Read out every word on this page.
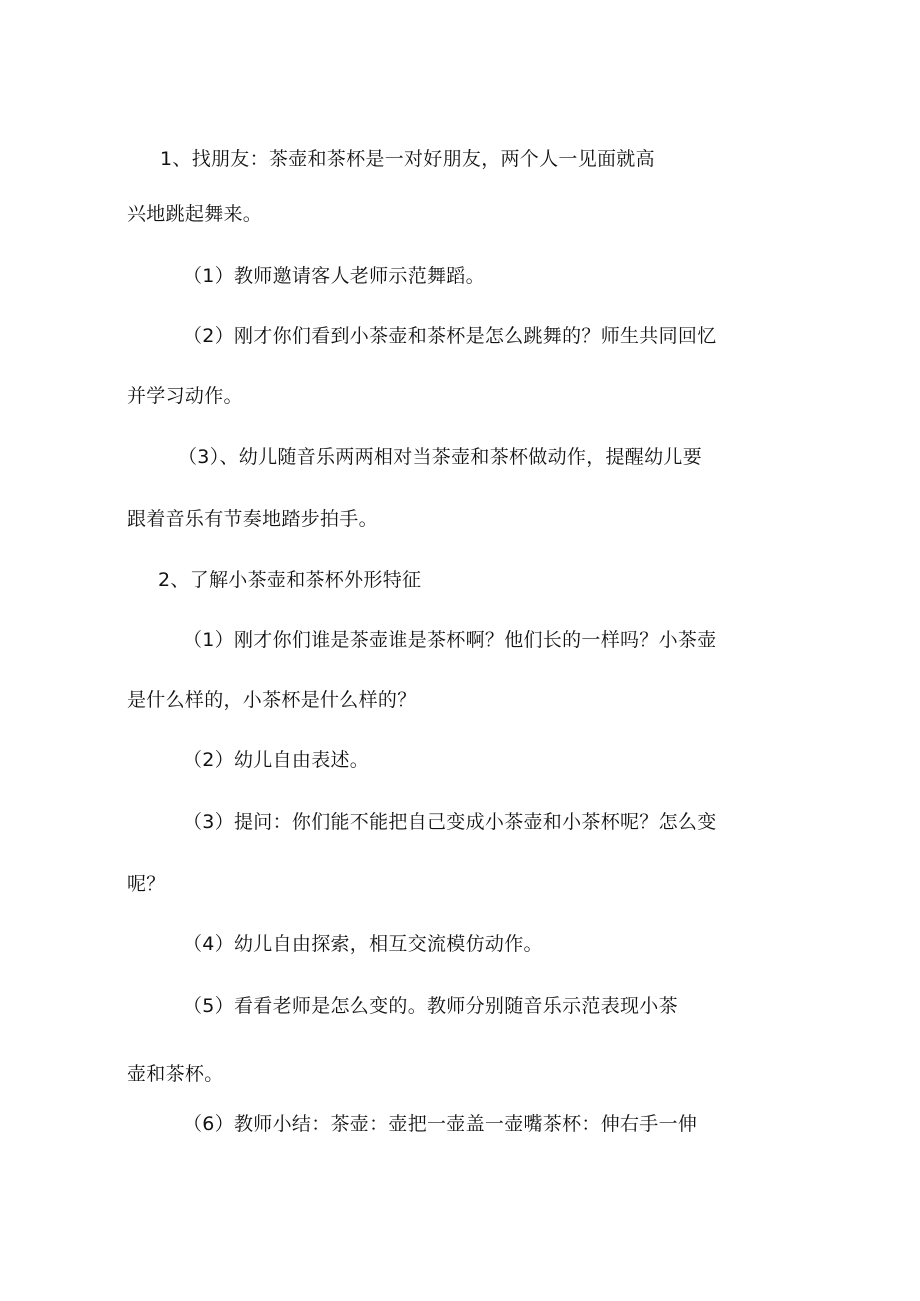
1、找朋友：茶壶和茶杯是一对好朋友，两个人一见面就高
兴地跳起舞来。
（1）教师邀请客人老师示范舞蹈。
（2）刚才你们看到小茶壶和茶杯是怎么跳舞的？师生共同回忆
并学习动作。
（3）、幼儿随音乐两两相对当茶壶和茶杯做动作，提醒幼儿要
跟着音乐有节奏地踏步拍手。
2、了解小茶壶和茶杯外形特征
（1）刚才你们谁是茶壶谁是茶杯啊？他们长的一样吗？小茶壶
是什么样的，小茶杯是什么样的？
（2）幼儿自由表述。
（3）提问：你们能不能把自己变成小茶壶和小茶杯呢？怎么变
呢？
（4）幼儿自由探索，相互交流模仿动作。
（5）看看老师是怎么变的。教师分别随音乐示范表现小茶
壶和茶杯。
（6）教师小结：茶壶：壶把一壶盖一壶嘴茶杯：伸右手一伸
